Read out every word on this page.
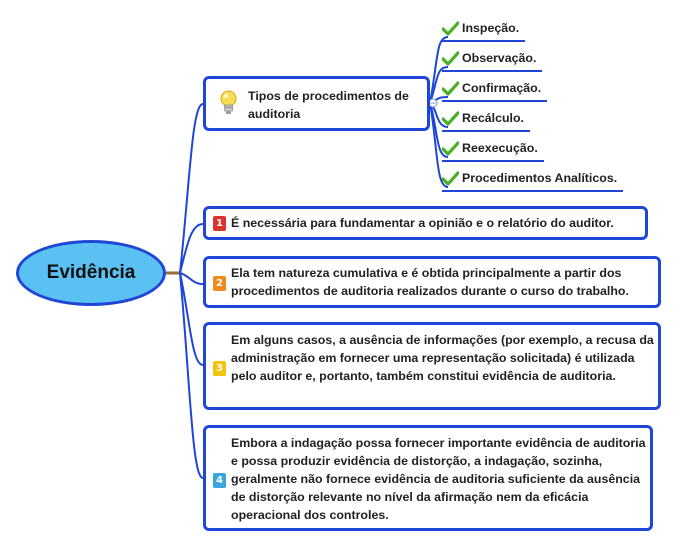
Evidência
Tipos de procedimentos de auditoria
Inspeção.
Observação.
Confirmação.
Recálculo.
Reexecução.
Procedimentos Analíticos.
1 É necessária para fundamentar a opinião e o relatório do auditor.
2
Ela tem natureza cumulativa e é obtida principalmente a partir dos procedimentos de auditoria realizados durante o curso do trabalho.
3
Em alguns casos, a ausência de informações (por exemplo, a recusa da administração em fornecer uma representação solicitada) é utilizada pelo auditor e, portanto, também constitui evidência de auditoria.
4
Embora a indagação possa fornecer importante evidência de auditoria e possa produzir evidência de distorção, a indagação, sozinha, geralmente não fornece evidência de auditoria suficiente da ausência de distorção relevante no nível da afirmação nem da eficácia operacional dos controles.
